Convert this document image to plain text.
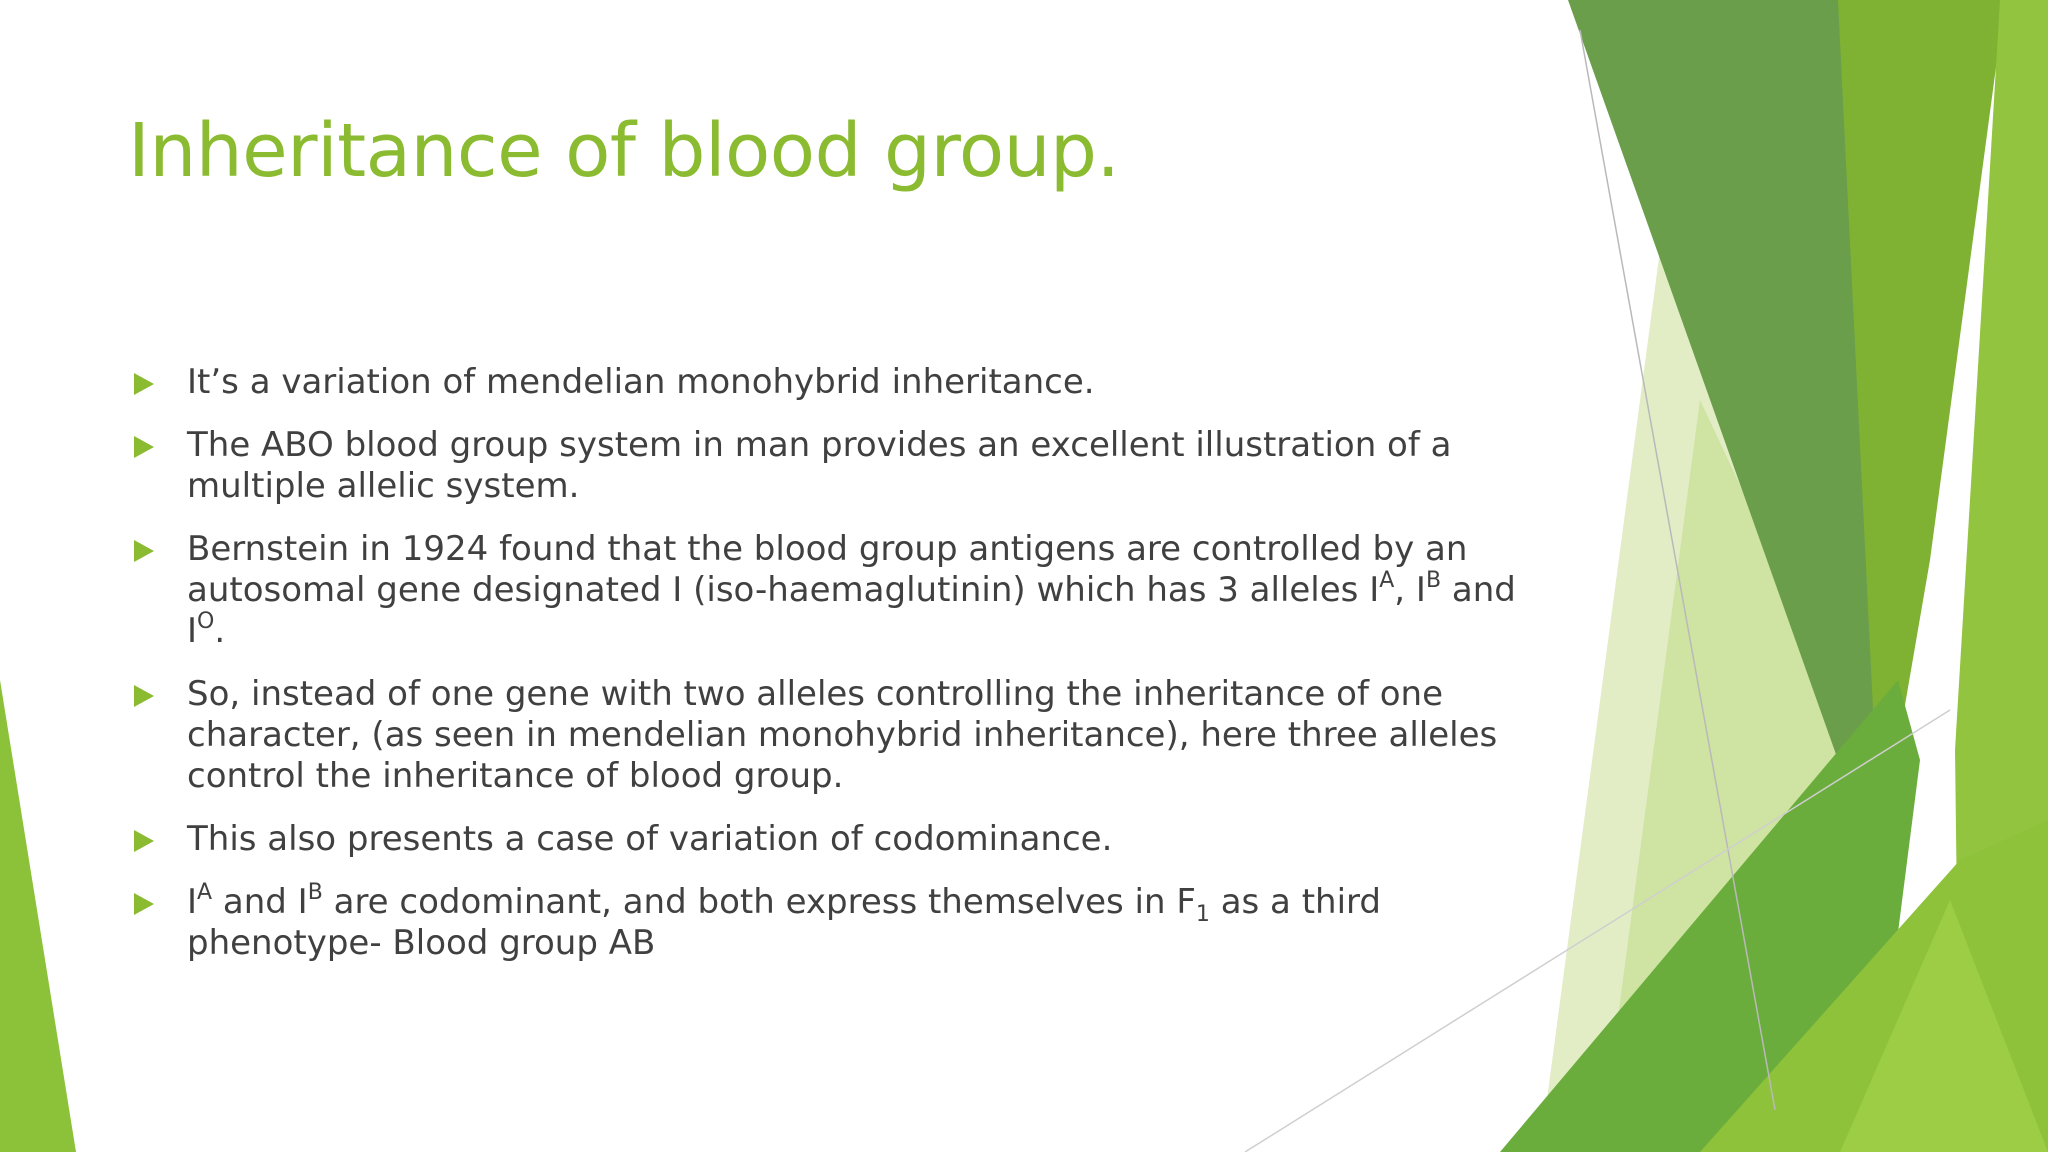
Inheritance of blood group.
It’s a variation of mendelian monohybrid inheritance.
The ABO blood group system in man provides an excellent illustration of a multiple allelic system.
Bernstein in 1924 found that the blood group antigens are controlled by an autosomal gene designated I (iso-haemaglutinin) which has 3 alleles $I^A$, $I^B$ and $I^O$.
So, instead of one gene with two alleles controlling the inheritance of one character, (as seen in mendelian monohybrid inheritance), here three alleles control the inheritance of blood group.
This also presents a case of variation of codominance.
$I^A$ and $I^B$ are codominant, and both express themselves in $F_1$ as a third phenotype- Blood group AB
